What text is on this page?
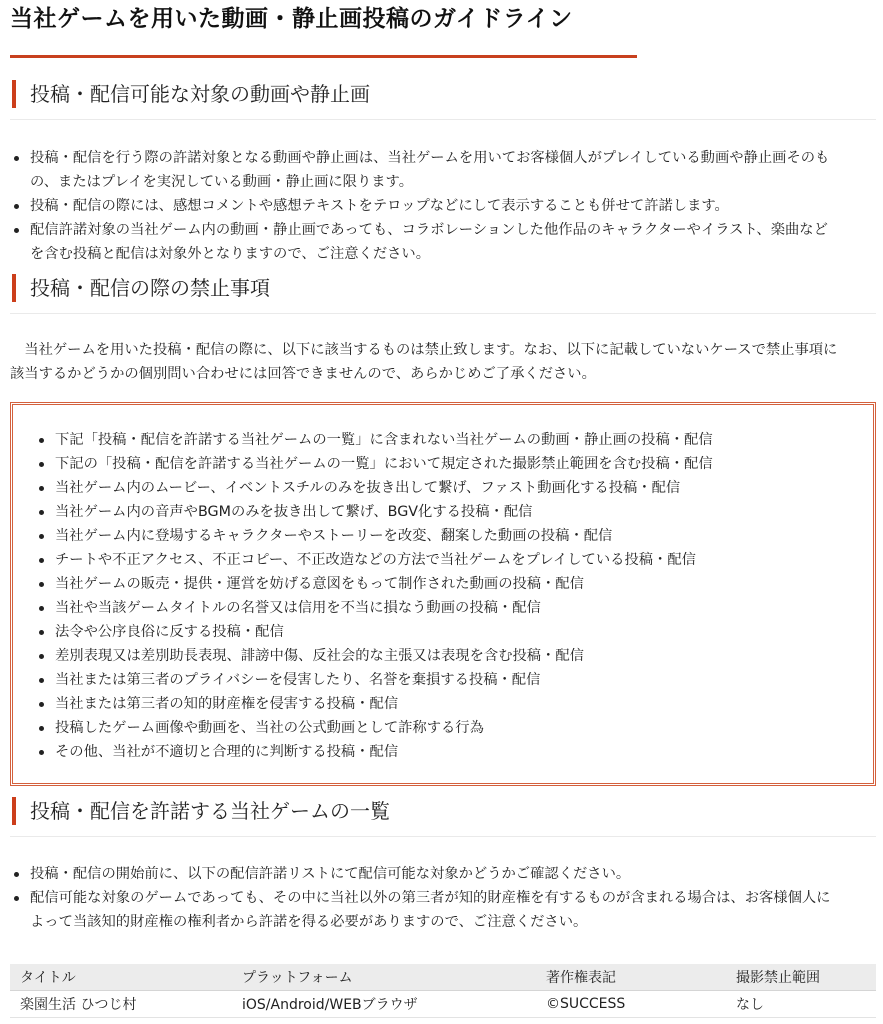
当社ゲームを用いた動画・静止画投稿のガイドライン
投稿・配信可能な対象の動画や静止画
投稿・配信を行う際の許諾対象となる動画や静止画は、当社ゲームを用いてお客様個人がプレイしている動画や静止画そのも
の、またはプレイを実況している動画・静止画に限ります。
投稿・配信の際には、感想コメントや感想テキストをテロップなどにして表示することも併せて許諾します。
配信許諾対象の当社ゲーム内の動画・静止画であっても、コラボレーションした他作品のキャラクターやイラスト、楽曲など
を含む投稿と配信は対象外となりますので、ご注意ください。
投稿・配信の際の禁止事項

　当社ゲームを用いた投稿・配信の際に、以下に該当するものは禁止致します。なお、以下に記載していないケースで禁止事項に
該当するかどうかの個別問い合わせには回答できませんので、あらかじめご了承ください。

下記「投稿・配信を許諾する当社ゲームの一覧」に含まれない当社ゲームの動画・静止画の投稿・配信
下記の「投稿・配信を許諾する当社ゲームの一覧」において規定された撮影禁止範囲を含む投稿・配信
当社ゲーム内のムービー、イベントスチルのみを抜き出して繋げ、ファスト動画化する投稿・配信
当社ゲーム内の音声やBGMのみを抜き出して繋げ、BGV化する投稿・配信
当社ゲーム内に登場するキャラクターやストーリーを改変、翻案した動画の投稿・配信
チートや不正アクセス、不正コピー、不正改造などの方法で当社ゲームをプレイしている投稿・配信
当社ゲームの販売・提供・運営を妨げる意図をもって制作された動画の投稿・配信
当社や当該ゲームタイトルの名誉又は信用を不当に損なう動画の投稿・配信
法令や公序良俗に反する投稿・配信
差別表現又は差別助長表現、誹謗中傷、反社会的な主張又は表現を含む投稿・配信
当社または第三者のプライバシーを侵害したり、名誉を棄損する投稿・配信
当社または第三者の知的財産権を侵害する投稿・配信
投稿したゲーム画像や動画を、当社の公式動画として詐称する行為
その他、当社が不適切と合理的に判断する投稿・配信
投稿・配信を許諾する当社ゲームの一覧
投稿・配信の開始前に、以下の配信許諾リストにて配信可能な対象かどうかご確認ください。
配信可能な対象のゲームであっても、その中に当社以外の第三者が知的財産権を有するものが含まれる場合は、お客様個人に
よって当該知的財産権の権利者から許諾を得る必要がありますので、ご注意ください。
タイトル	プラットフォーム	著作権表記	撮影禁止範囲
楽園生活 ひつじ村	iOS/Android/WEBブラウザ	©SUCCESS	なし
